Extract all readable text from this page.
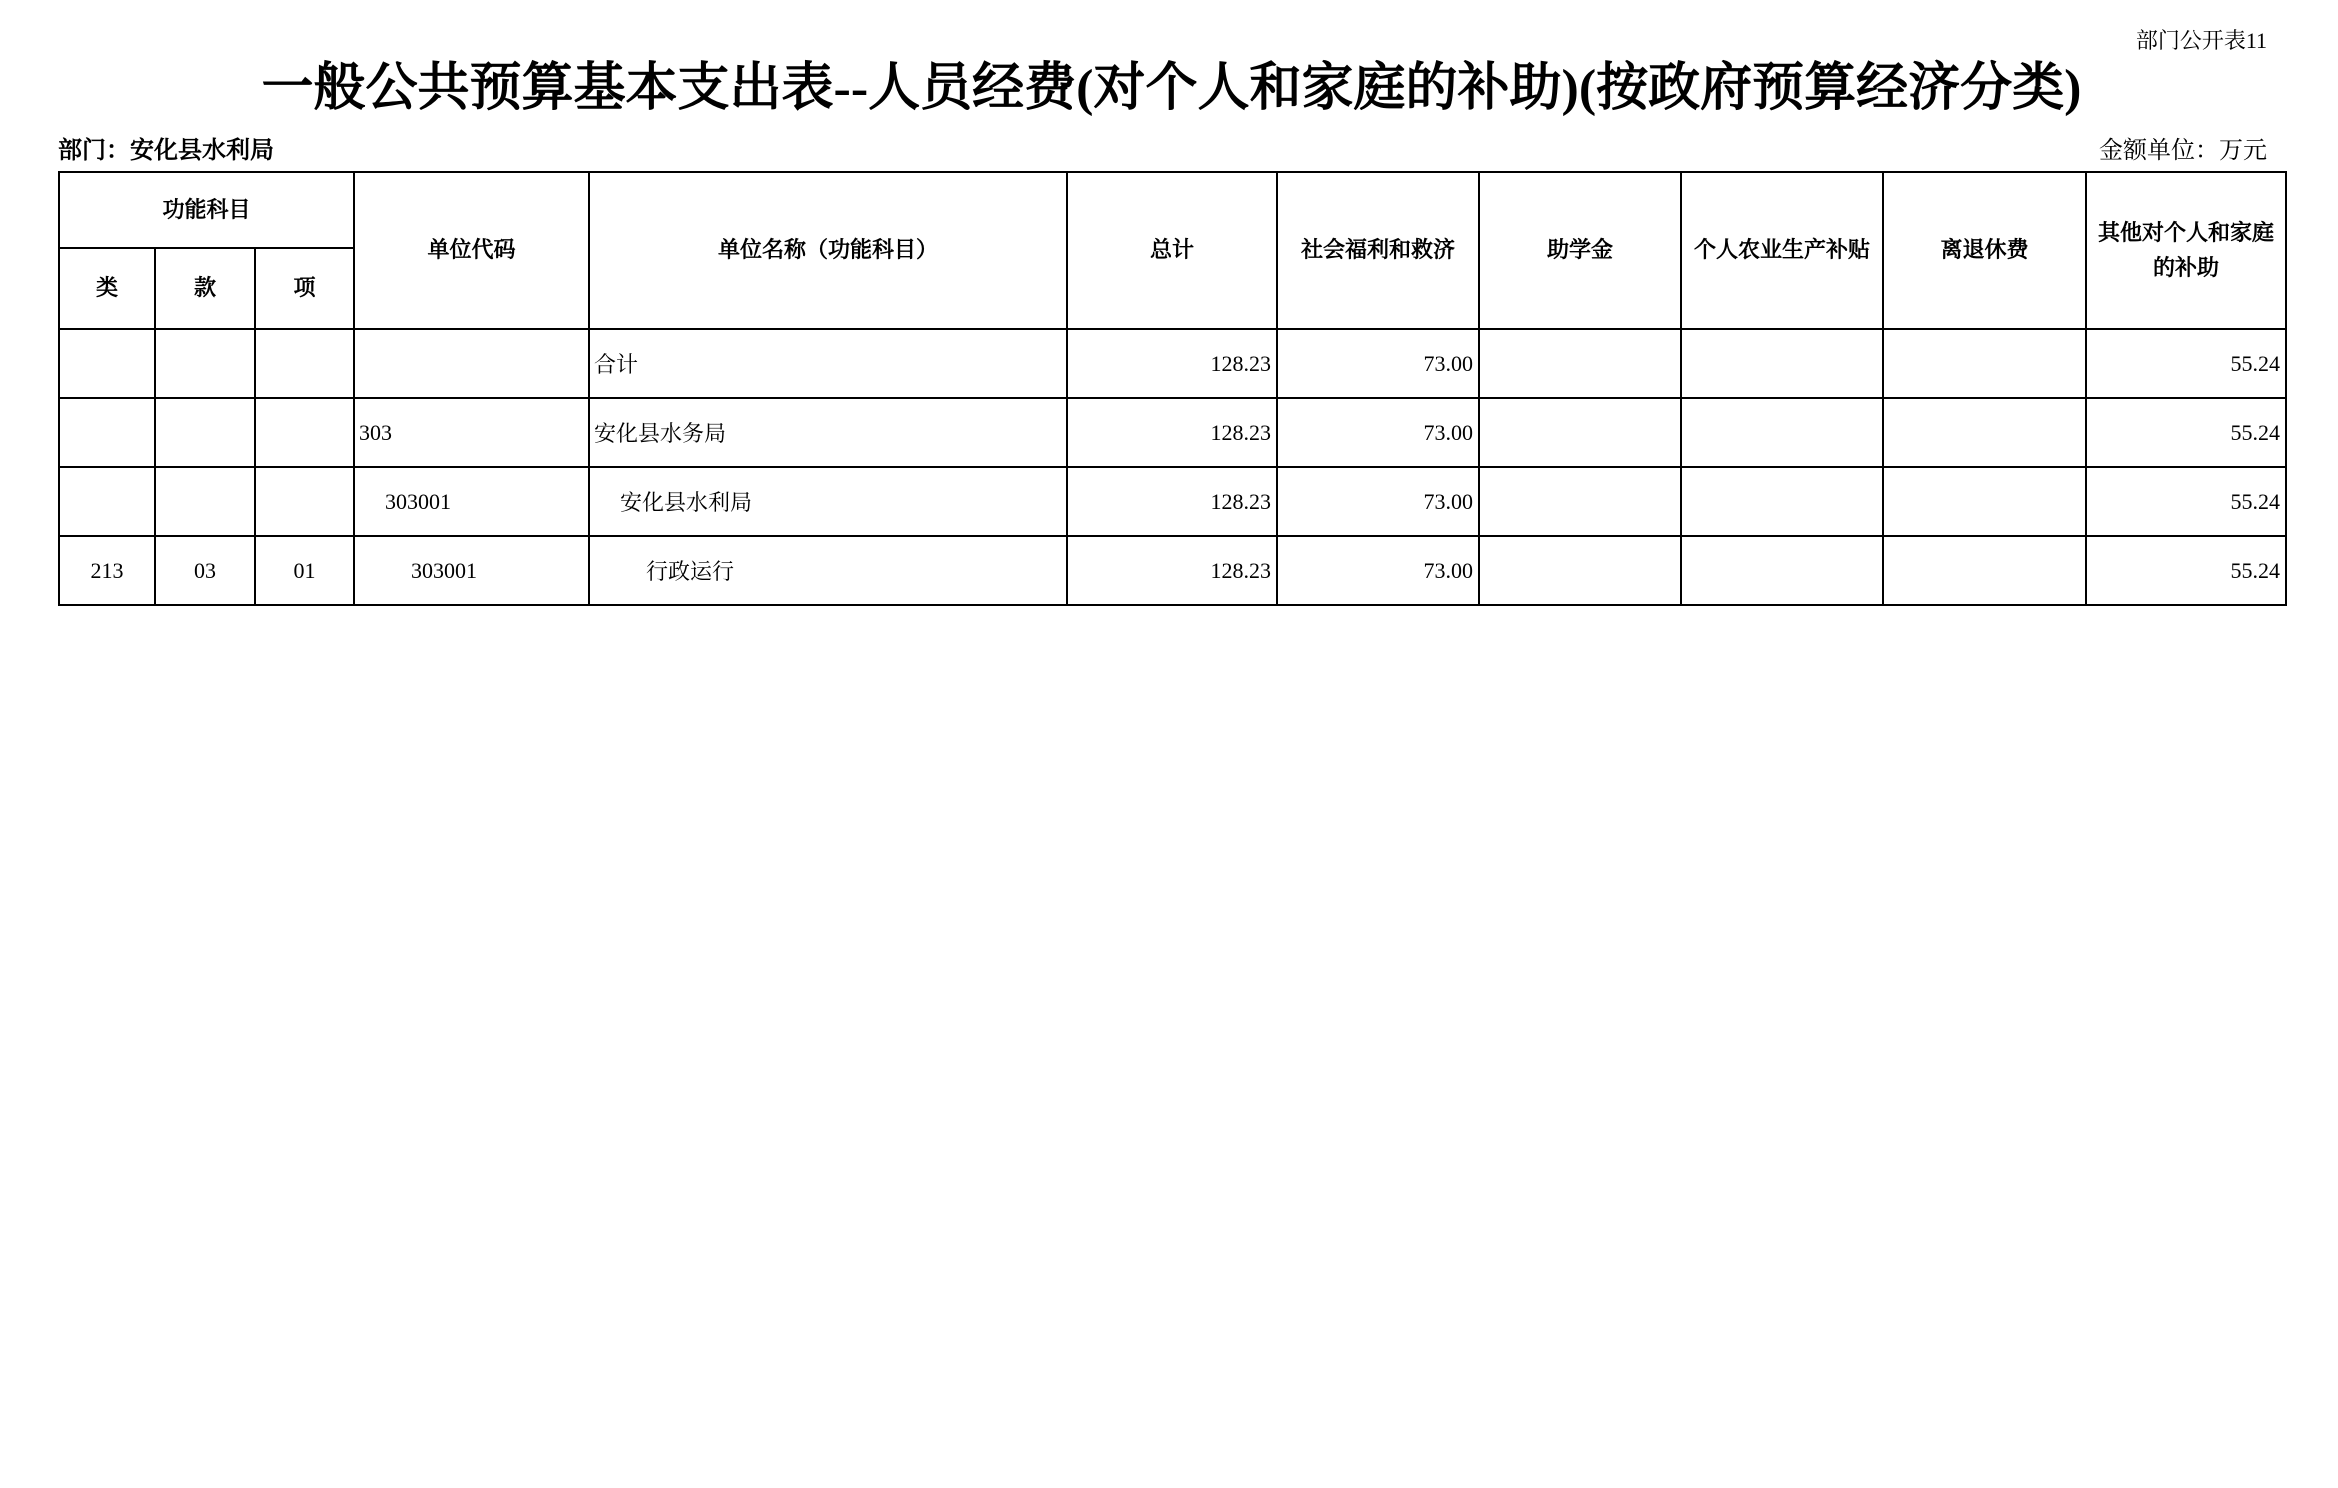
部门公开表11
一般公共预算基本支出表--人员经费(对个人和家庭的补助)(按政府预算经济分类)
部门：安化县水利局	金额单位：万元
功能科目			单位代码	单位名称（功能科目）	总计	社会福利和救济	助学金	个人农业生产补贴	离退休费	其他对个人和家庭的补助
类	款	项								
				合计	128.23	73.00				55.24
			303	安化县水务局	128.23	73.00				55.24
			303001	安化县水利局	128.23	73.00				55.24
213	03	01	303001	行政运行	128.23	73.00				55.24
